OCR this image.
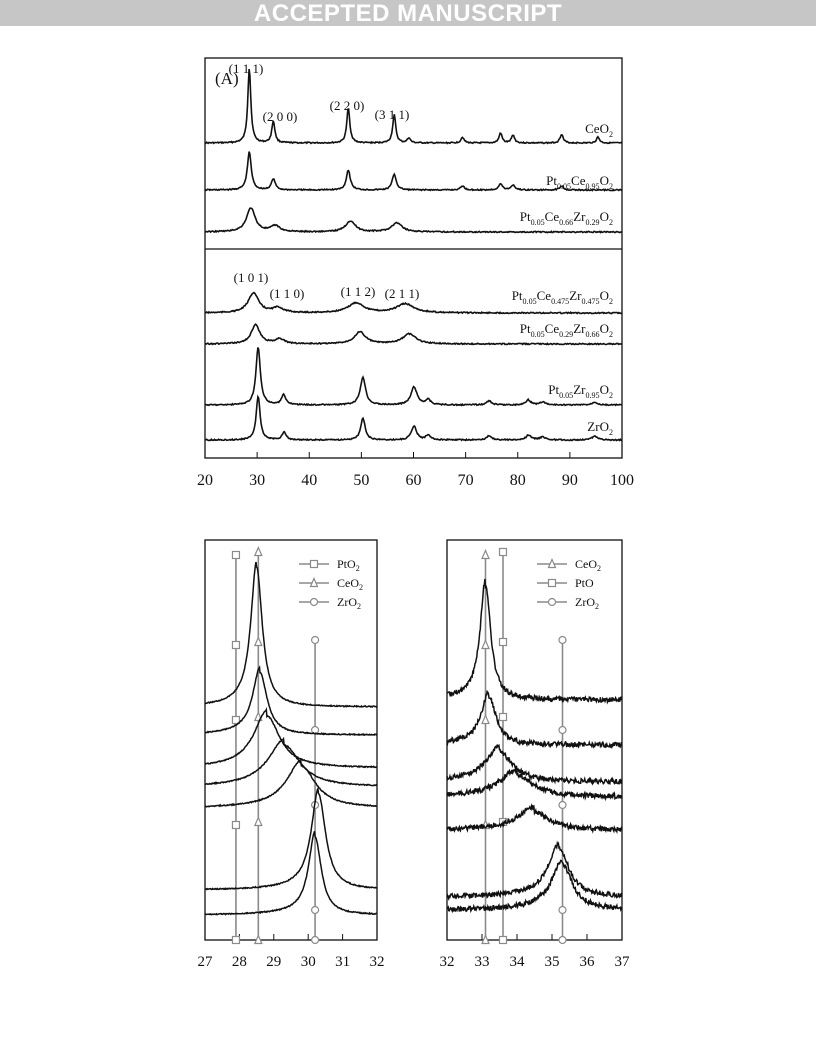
ACCEPTED MANUSCRIPT
20 30 40 50 60 70 80 90 100
(A)
CeO$_2$
$Pt_{0.05}Ce_{0.95}O_2$
$Pt_{0.05}Ce_{0.66}Zr_{0.29}O_2$
$Pt_{0.05}Ce_{0.475}Zr_{0.475}O_2$
$Pt_{0.05}Ce_{0.29}Zr_{0.66}O_2$
$Pt_{0.05}Zr_{0.95}O_2$
ZrO$_2$
(1 1 1)
(2 0 0)
(2 2 0)
(3 1 1)
(1 0 1)
(1 1 0)	(1 1 2) (2 1 1)
27 28 29 30 31 32
PtO$_2$
CeO$_2$
ZrO$_2$
32 33 34 35 36 37
CeO$_2$
PtO
ZrO$_2$
